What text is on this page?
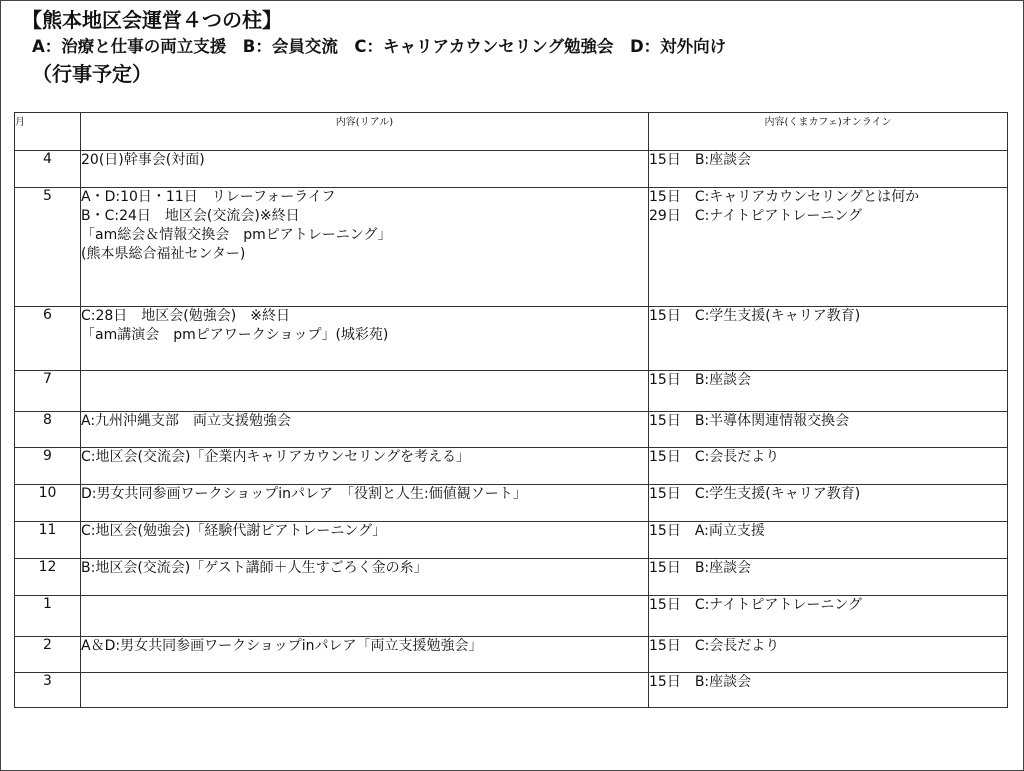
【熊本地区会運営４つの柱】
A：治療と仕事の両立支援　B：会員交流　C：キャリアカウンセリング勉強会　D：対外向け
（行事予定）
月	内容(リアル)	内容(くまカフェ)オンライン
4	20(日)幹事会(対面)	15日　B:座談会

5	A・D:10日・11日　リレーフォーライフ
B・C:24日　地区会(交流会)※終日
「am総会＆情報交換会　pmピアトレーニング」
(熊本県総合福祉センター)	15日　C:キャリアカウンセリングとは何か
29日　C:ナイトピアトレーニング

6	C:28日　地区会(勉強会)　※終日
「am講演会　pmピアワークショップ」(城彩苑)	15日　C:学生支援(キャリア教育)

7		15日　B:座談会

8	A:九州沖縄支部　両立支援勉強会	15日　B:半導体関連情報交換会

9	C:地区会(交流会)「企業内キャリアカウンセリングを考える」	15日　C:会長だより

10	D:男女共同参画ワークショップinパレア　「役割と人生:価値観ソート」	15日　C:学生支援(キャリア教育)

11	C:地区会(勉強会)「経験代謝ピアトレーニング」	15日　A:両立支援

12	B:地区会(交流会)「ゲスト講師＋人生すごろく金の糸」	15日　B:座談会

1		15日　C:ナイトピアトレーニング

2	A＆D:男女共同参画ワークショップinパレア「両立支援勉強会」	15日　C:会長だより

3		15日　B:座談会
